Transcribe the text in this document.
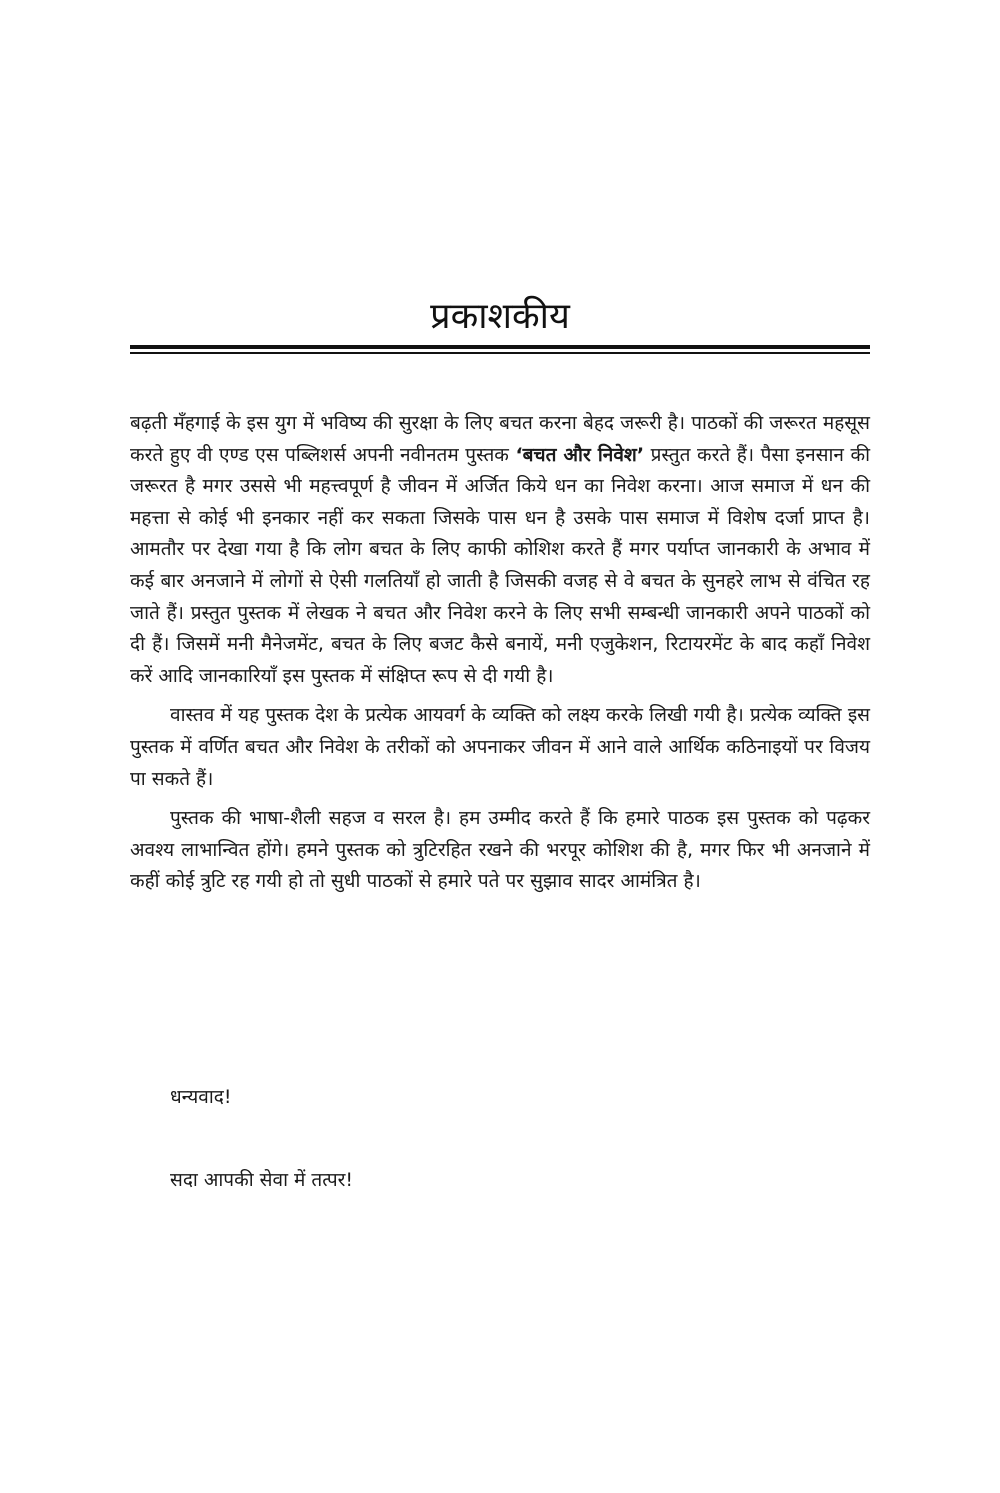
प्रकाशकीय

बढ़ती मँहगाई के इस युग में भविष्य की सुरक्षा के लिए बचत करना बेहद जरूरी है। पाठकों की जरूरत महसूस करते हुए वी एण्ड एस पब्लिशर्स अपनी नवीनतम पुस्तक ‘बचत और निवेश’ प्रस्तुत करते हैं। पैसा इनसान की जरूरत है मगर उससे भी महत्त्वपूर्ण है जीवन में अर्जित किये धन का निवेश करना। आज समाज में धन की महत्ता से कोई भी इनकार नहीं कर सकता जिसके पास धन है उसके पास समाज में विशेष दर्जा प्राप्त है। आमतौर पर देखा गया है कि लोग बचत के लिए काफी कोशिश करते हैं मगर पर्याप्त जानकारी के अभाव में कई बार अनजाने में लोगों से ऐसी गलतियाँ हो जाती है जिसकी वजह से वे बचत के सुनहरे लाभ से वंचित रह जाते हैं। प्रस्तुत पुस्तक में लेखक ने बचत और निवेश करने के लिए सभी सम्बन्धी जानकारी अपने पाठकों को दी हैं। जिसमें मनी मैनेजमेंट, बचत के लिए बजट कैसे बनायें, मनी एजुकेशन, रिटायरमेंट के बाद कहाँ निवेश करें आदि जानकारियाँ इस पुस्तक में संक्षिप्त रूप से दी गयी है।

वास्तव में यह पुस्तक देश के प्रत्येक आयवर्ग के व्यक्ति को लक्ष्य करके लिखी गयी है। प्रत्येक व्यक्ति इस पुस्तक में वर्णित बचत और निवेश के तरीकों को अपनाकर जीवन में आने वाले आर्थिक कठिनाइयों पर विजय पा सकते हैं।

पुस्तक की भाषा-शैली सहज व सरल है। हम उम्मीद करते हैं कि हमारे पाठक इस पुस्तक को पढ़कर अवश्य लाभान्वित होंगे। हमने पुस्तक को त्रुटिरहित रखने की भरपूर कोशिश की है, मगर फिर भी अनजाने में कहीं कोई त्रुटि रह गयी हो तो सुधी पाठकों से हमारे पते पर सुझाव सादर आमंत्रित है।

धन्यवाद!
सदा आपकी सेवा में तत्पर!
